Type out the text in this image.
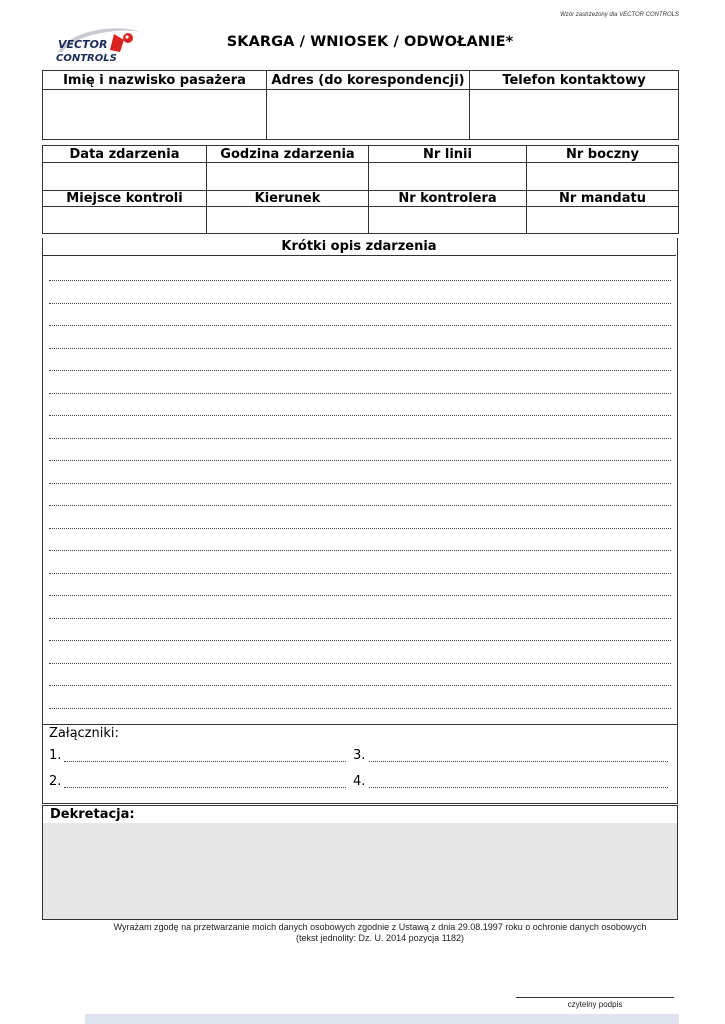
Wzór zastrzeżony dla VECTOR CONTROLS
VECTOR
CONTROLS
SKARGA / WNIOSEK / ODWOŁANIE*
Imię i nazwisko pasażera	Adres (do korespondencji)	Telefon kontaktowy

Data zdarzenia	Godzina zdarzenia	Nr linii	Nr boczny

Miejsce kontroli	Kierunek	Nr kontrolera	Nr mandatu

Krótki opis zdarzenia
Załączniki:
1.	3.
2.	4.
Dekretacja:
Wyrażam zgodę na przetwarzanie moich danych osobowych zgodnie z Ustawą z dnia 29.08.1997 roku o ochronie danych osobowych
(tekst jednolity: Dz. U. 2014 pozycja 1182)
czytelny podpis
